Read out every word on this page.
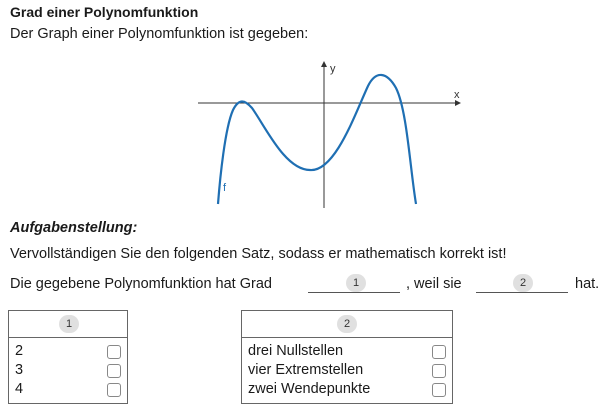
Grad einer Polynomfunktion
Der Graph einer Polynomfunktion ist gegeben:
x
y
f
Aufgabenstellung:
Vervollständigen Sie den folgenden Satz, sodass er mathematisch korrekt ist!
Die gegebene Polynomfunktion hat Grad	1	, weil sie	2	hat.
1
2
3
4
2
drei Nullstellen
vier Extremstellen
zwei Wendepunkte
